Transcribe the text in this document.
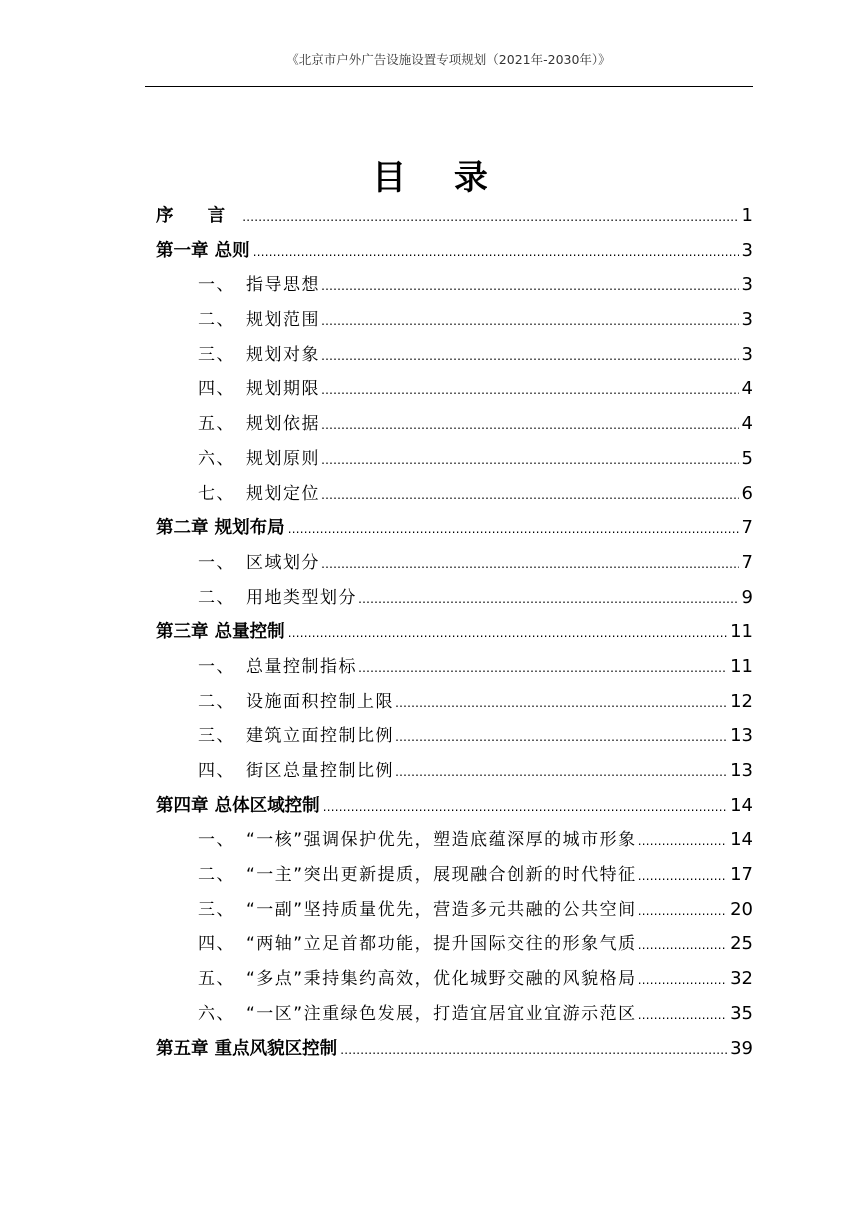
《北京市户外广告设施设置专项规划（2021年-2030年）》
目 录
序 言 ………………………………………………………………………………………………………………………………………………	1
第一章 总则 ………………………………………………………………………………………………………………………………………………	3
一、 指导思想 ………………………………………………………………………………………………………………………………………………	3
二、 规划范围 ………………………………………………………………………………………………………………………………………………	3
三、 规划对象 ………………………………………………………………………………………………………………………………………………	3
四、 规划期限 ………………………………………………………………………………………………………………………………………………	4
五、 规划依据 ………………………………………………………………………………………………………………………………………………	4
六、 规划原则 ………………………………………………………………………………………………………………………………………………	5
七、 规划定位 ………………………………………………………………………………………………………………………………………………	6
第二章 规划布局 ………………………………………………………………………………………………………………………………………………	7
一、 区域划分 ………………………………………………………………………………………………………………………………………………	7
二、 用地类型划分 ………………………………………………………………………………………………………………………………………………	9
第三章 总量控制 ………………………………………………………………………………………………………………………………………………	11
一、 总量控制指标 ………………………………………………………………………………………………………………………………………………	11
二、 设施面积控制上限 ………………………………………………………………………………………………………………………………………………	12
三、 建筑立面控制比例 ………………………………………………………………………………………………………………………………………………	13
四、 街区总量控制比例 ………………………………………………………………………………………………………………………………………………	13
第四章 总体区域控制 ………………………………………………………………………………………………………………………………………………	14
一、 “一核”强调保护优先，塑造底蕴深厚的城市形象 ………………………………………………………………………………………………………………………………………………	14
二、 “一主”突出更新提质，展现融合创新的时代特征 ………………………………………………………………………………………………………………………………………………	17
三、 “一副”坚持质量优先，营造多元共融的公共空间 ………………………………………………………………………………………………………………………………………………	20
四、 “两轴”立足首都功能，提升国际交往的形象气质 ………………………………………………………………………………………………………………………………………………	25
五、 “多点”秉持集约高效，优化城野交融的风貌格局 ………………………………………………………………………………………………………………………………………………	32
六、 “一区”注重绿色发展，打造宜居宜业宜游示范区 ………………………………………………………………………………………………………………………………………………	35
第五章 重点风貌区控制 ………………………………………………………………………………………………………………………………………………	39
